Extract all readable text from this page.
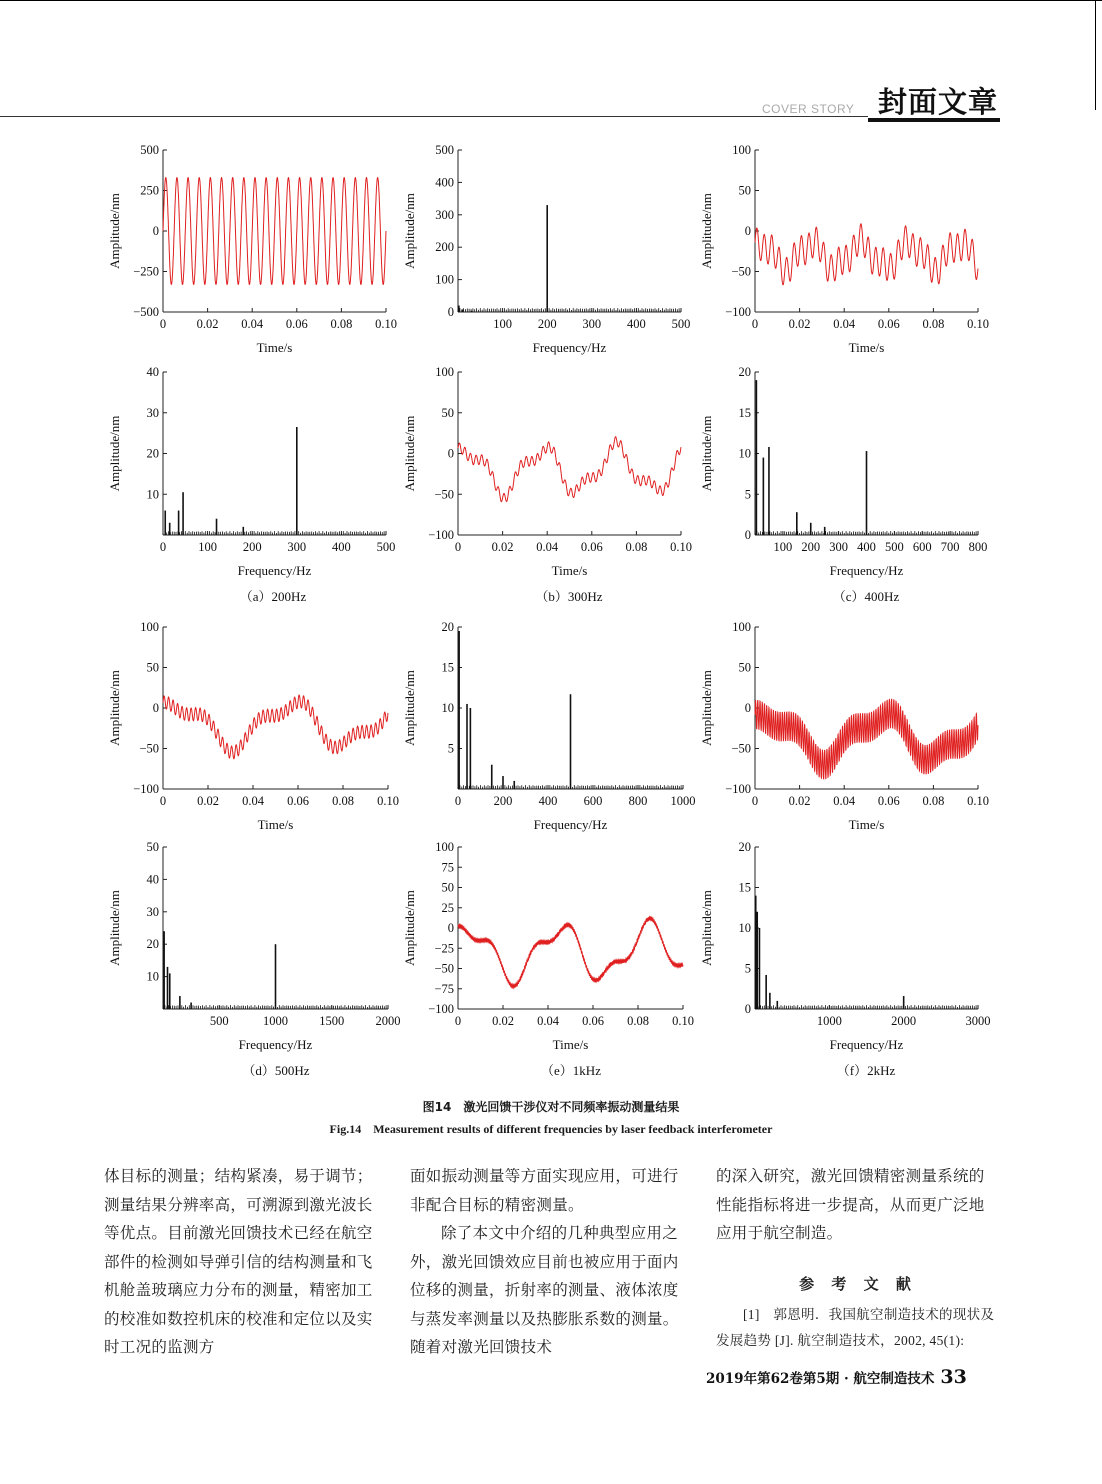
COVER STORY 封面文章
0 0.02 0.04 0.06 0.08 0.10
−500
−250
0
250
500
Time/s
Amplitude/nm
100 200 300 400 500
0
100
200
300
400
500
Frequency/Hz
Amplitude/nm
0 0.02 0.04 0.06 0.08 0.10
−100
−50
0
50
100
Time/s
Amplitude/nm
0	100 200 300 400 500
10
20
30
40
Frequency/Hz
Amplitude/nm
0 0.02 0.04 0.06 0.08 0.10
−100
−50
0
50
100
Time/s
Amplitude/nm
100 200 300 400 500 600 700 800
0
5
10
15
20
Frequency/Hz
Amplitude/nm
0 0.02 0.04 0.06 0.08 0.10
−100
−50
0
50
100
Time/s
Amplitude/nm
0	200 400 600 800 1000
5
10
15
20
Frequency/Hz
Amplitude/nm
0 0.02 0.04 0.06 0.08 0.10
−100
−50
0
50
100
Time/s
Amplitude/nm
500	1000	1500	2000
10
20
30
40
50
Frequency/Hz
Amplitude/nm
0 0.02 0.04 0.06 0.08 0.10
−100
−75
−50
−25
0
25
50
75
100
Time/s
Amplitude/nm
1000	2000	3000
0
5
10
15
20
Frequency/Hz
Amplitude/nm
（a）200Hz	（b）300Hz	（c）400Hz
（d）500Hz	（e）1kHz	（f）2kHz
图14　激光回馈干涉仪对不同频率振动测量结果
Fig.14　Measurement results of different frequencies by laser feedback interferometer

体目标的测量；结构紧凑，易于调节；测量结果分辨率高，可溯源到激光波长等优点。目前激光回馈技术已经在航空部件的检测如导弹引信的结构测量和飞机舱盖玻璃应力分布的测量，精密加工的校准如数控机床的校准和定位以及实时工况的监测方

面如振动测量等方面实现应用，可进行非配合目标的精密测量。

除了本文中介绍的几种典型应用之外，激光回馈效应目前也被应用于面内位移的测量，折射率的测量、液体浓度与蒸发率测量以及热膨胀系数的测量。随着对激光回馈技术

的深入研究，激光回馈精密测量系统的性能指标将进一步提高，从而更广泛地应用于航空制造。

参 考 文 献
[1]　郭恩明．我国航空制造技术的现状及发展趋势 [J]. 航空制造技术，2002, 45(1):
2019年第62卷第5期 · 航空制造技术 33
